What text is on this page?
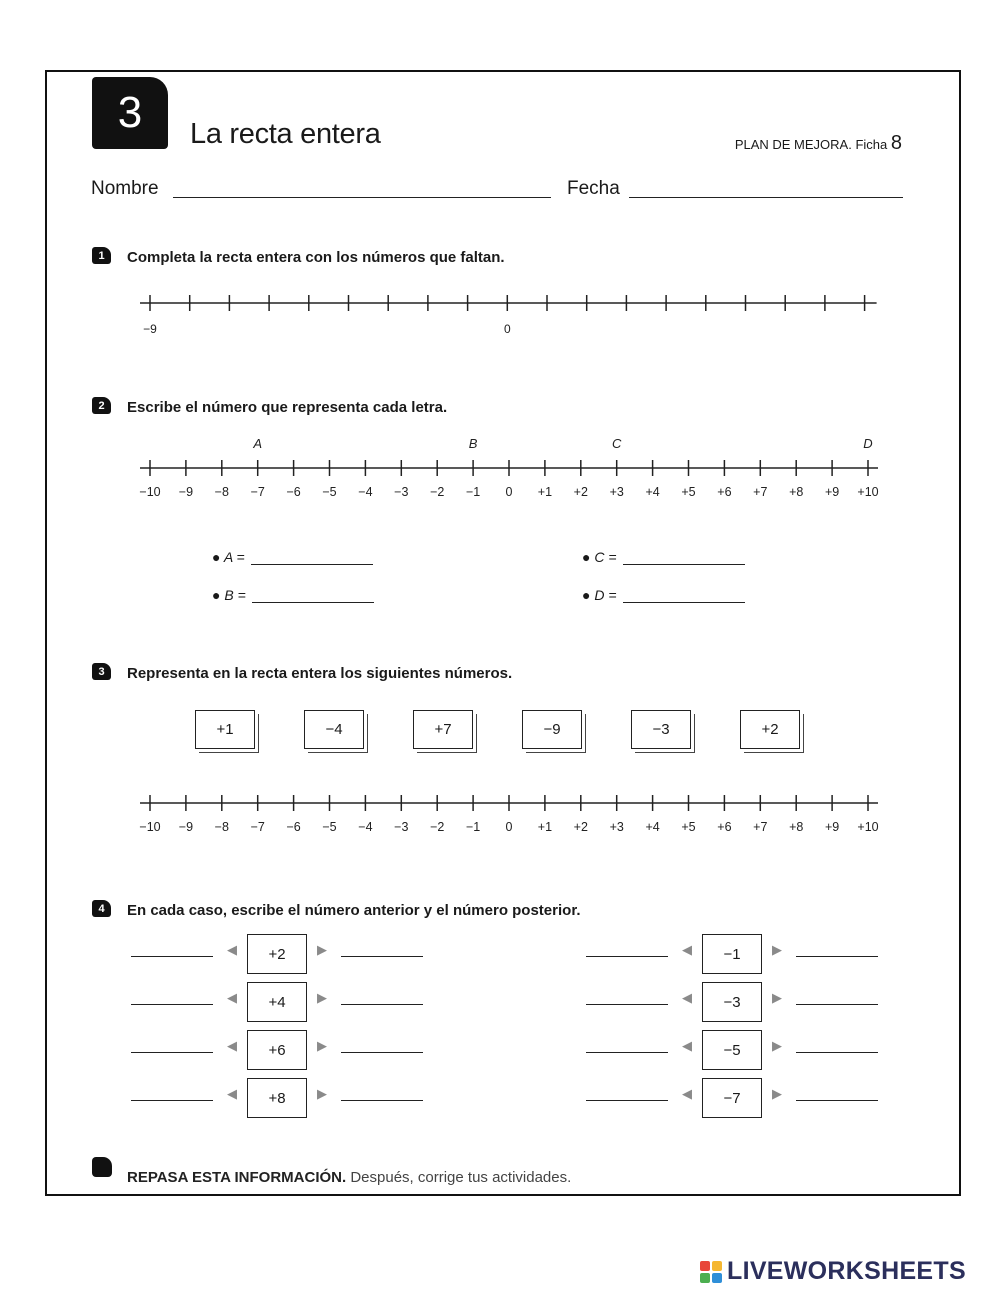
3 La recta entera	PLAN DE MEJORA. Ficha 8
Nombre	Fecha
1 Completa la recta entera con los números que faltan.
−9	0
2 Escribe el número que representa cada letra.
−10 −9 −8 −7 −6 −5 −4 −3 −2 −1 0 +1 +2 +3 +4 +5 +6 +7 +8 +9 +10
A	B	C	D
● A =
● B =
● C =
● D =
3 Representa en la recta entera los siguientes números.
+1	−4	+7	−9	−3	+2
−10 −9 −8 −7 −6 −5 −4 −3 −2 −1 0 +1 +2 +3 +4 +5 +6 +7 +8 +9 +10
4 En cada caso, escribe el número anterior y el número posterior.
◀	+2	▶
◀	+4	▶
◀	+6	▶
◀	+8	▶
◀	−1	▶
◀	−3	▶
◀	−5	▶
◀	−7	▶
REPASA ESTA INFORMACIÓN. Después, corrige tus actividades.
LIVEWORKSHEETS
